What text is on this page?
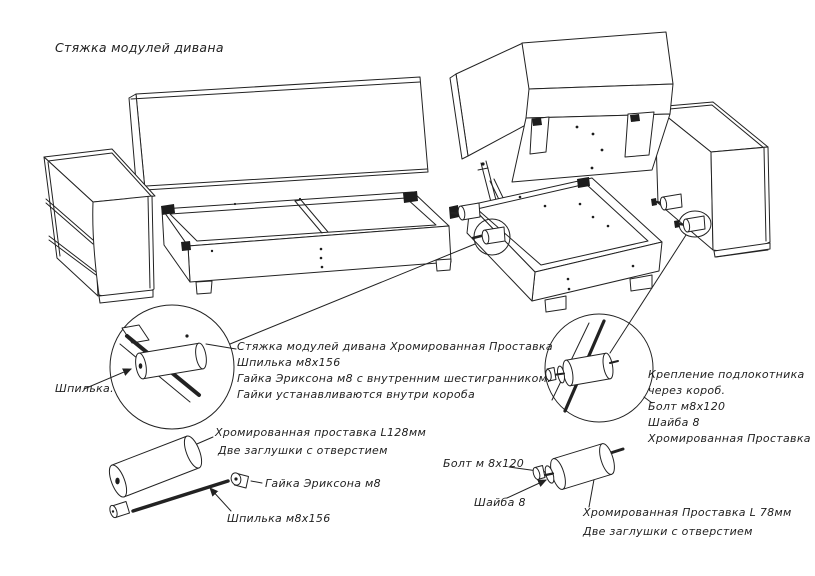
Стяжка модулей дивана
Шпилька.
Стяжка модулей дивана Хромированная Проставка
Шпилька м8х156
Гайка Эриксона м8 с внутренним шестигранником.
Гайки устанавливаются внутри короба
Крепление подлокотника
через короб.
Болт м8х120
Шайба 8
Хромированная Проставка
Хромированная проставка L128мм
Две заглушки с отверстием
Гайка Эриксона м8
Шпилька м8х156
Болт м 8х120
Шайба 8
Хромированная Проставка L 78мм
Две заглушки с отверстием
